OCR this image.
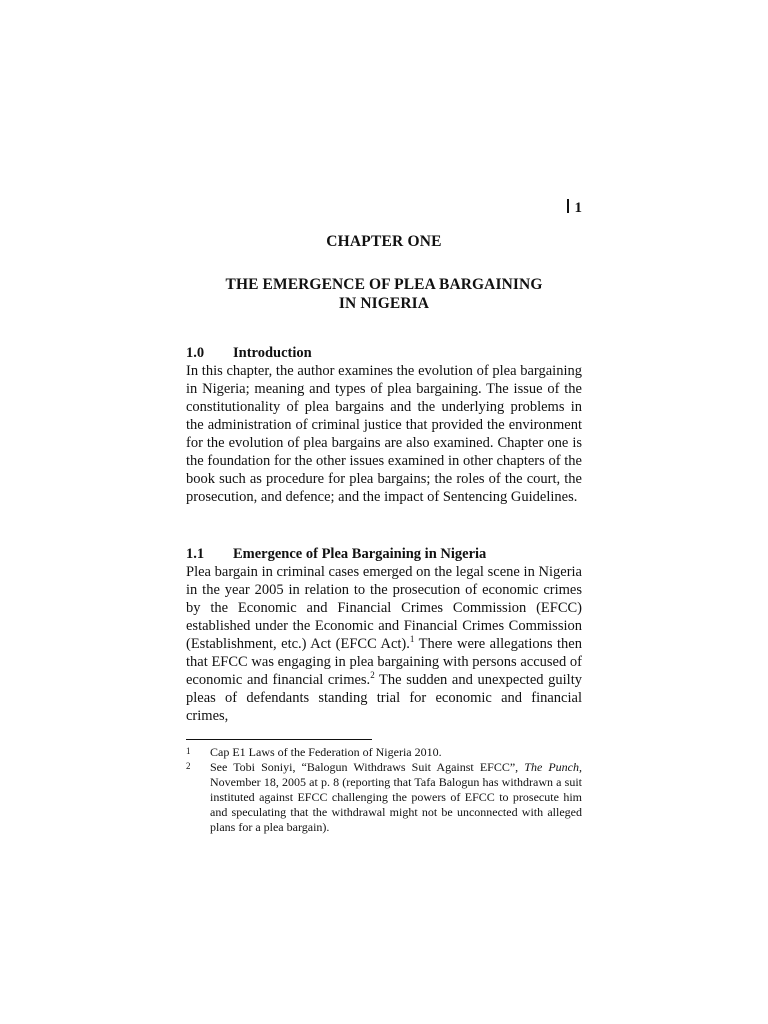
1
CHAPTER ONE
THE EMERGENCE OF PLEA BARGAINING
IN NIGERIA
1.0	Introduction

In this chapter, the author examines the evolution of plea bargaining in Nigeria; meaning and types of plea bargaining. The issue of the constitutionality of plea bargains and the underlying problems in the administration of criminal justice that provided the environment for the evolution of plea bargains are also examined. Chapter one is the foundation for the other issues examined in other chapters of the book such as procedure for plea bargains; the roles of the court, the prosecution, and defence; and the impact of Sentencing Guidelines.

1.1	Emergence of Plea Bargaining in Nigeria

Plea bargain in criminal cases emerged on the legal scene in Nigeria in the year 2005 in relation to the prosecution of economic crimes by the Economic and Financial Crimes Commission (EFCC) established under the Economic and Financial Crimes Commission (Establishment, etc.) Act (EFCC Act).$^1$ There were allegations then that EFCC was engaging in plea bargaining with persons accused of economic and financial crimes.$^2$ The sudden and unexpected guilty pleas of defendants standing trial for economic and financial crimes,

1	Cap E1 Laws of the Federation of Nigeria 2010.
2	See Tobi Soniyi, “Balogun Withdraws Suit Against EFCC”, The Punch, November 18, 2005 at p. 8 (reporting that Tafa Balogun has withdrawn a suit instituted against EFCC challenging the powers of EFCC to prosecute him and speculating that the withdrawal might not be unconnected with alleged plans for a plea bargain).
